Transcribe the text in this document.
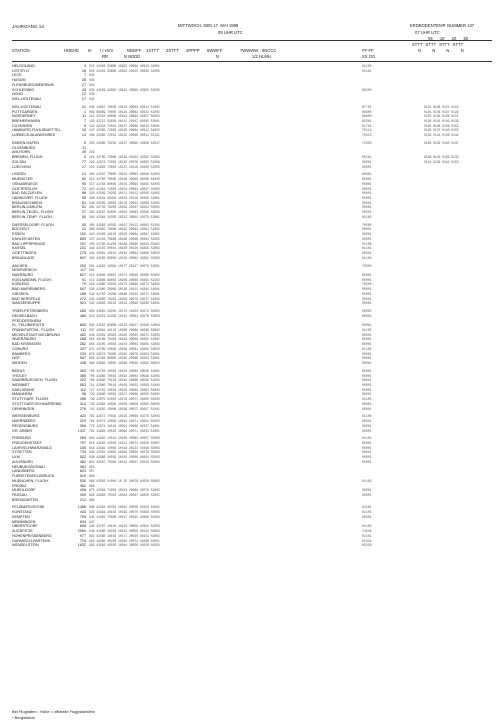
JAHRGANG 14	MITTWOCH, DEN 17. MAI 1989
09 UHR UTC
ERDBODENTEMP. NUMMER 137
07 UHR UTC
05 10 20 50
STATION	HOEHE III I I HVV	NDDFF 1STTT 2STTT 4PPPP 5WWFF	7WWWW 8NCCC	FF-FF
STTT STTT STTT STTT
N N N N
RR	N NDDD	N	1/2 HLMH	XX GG
HELGOLAND	4 015 42403 33608 10932 20096 40310 31001	01100
LIST/SYLT	26 020 42101 33609 10952 20153 40309 31005	01101
LECK	7 022
HUSUM	28 026
FLENSBURG/MEIERWIK	27 033
SCHLESWIG	43 035 42559 42002 10922 20096 40303 52005	06200
HOHN	12 038
KIEL-HOLTENAU	17 045
KIEL-KOLTENAU	31 046 14667 70503 10123 20062 40314 51002	87/01	0123 0128 0121 0119
PUTTGARDEN	1 069 06969 70005 10125 20082 40334 51002	86600	0135 0136 0137 0129
NORDERNEY	11 113 42342 40006 10914 20083 40357 50003	86600	0135 0135 0136 0137
BREMERHAVEN	7 129 42712 63026 10131 20107 40305 53001	01501	0136 0141 0149 0139
CUXHAVEN	5 131 42342 72501 10127 20096 40313 53001	01702	0145 0148 0156 0155
HAMBURG-FUHLSBUETTEL	16 147 42565 72003 10125 20094 40312 54002	70113	0138 0137 0140 0153
LUEBECK-BLANKENSEE	14 156 43300 72031 10132 20099 40311 55101	75023	0136 0141 0146 0142
EMDEN-HAFEN	5 203 43300 70234 10137 20095 40306 53017	71003	0126 0129 0140 0137
OLDENBURG	11
AHLHORN	49 216
BREMEN, FLUGH.	5 224 42705 72006 10139 20103 40292 52003	05101	0136 0142 0139 0133
SOLTAU	77 229 42673 72002 10140 20076 40302 52006	00001	0144 0139 0142 0153
LUECHOW	17 253 41963 73002 10137 20116 40290 53003	00001
LINGEN	21 305 42597 70605 10153 20093 40296 51003	00001
MUENSTER	62 312 42700 70505 10166 20099 40286 54003	00001
OSNABRUECK	95 317 41764 80505 10154 20094 40295 54003	00001
GUETERSLOH	72 320 41401 72004 10153 20093 40297 55003	00001
BAD SALZUFLEN	98 325 42509 70203 10171 20113 40290 54002	00001
HANNOVER, FLUGH.	55 338 42541 80403 10150 20116 40299 53001	00001
BRAUNSCHWEIG	81 348 43509 10602 10179 20094 40296 53002	00001
BERLIN-DAHLEM	51 381 42702 70203 10163 20107 40294 55002	00001
BERLIN-TEGEL, FLUGH.	37 382 43587 59003 10202 20093 40290 52003	00001
BERLIN-TEMP., FLUGH.	50 384 42364 10303 10213 20092 40279 52001	01103
DUESSELDORF, FLUGH.	45 400 41963 10303 10197 20113 40283 52102	70500
BOCHOLT	21 406 42962 70606 10192 20092 40292 52002	00001
ESSEN	152 410 43406 10102 10193 20094 40287 52001	00001
KAHLER ASTEN	839 427 42103 70609 10166 20098 40304 52002	00001
BAD LIPPSPRINGE	157 430 42760 81203 10180 20095 40283 55002	01105
KASSEL	231 449 42103 80014 10150 20130 40295 53002	01101
GOETTINGEN	175 444 42661 10102 10163 20094 40286 53003	00001
BRAUNLAGE	607 452 43205 89000 10158 20082 40292 55003	01104
AACHEN	202 501 41962 10304 10177 20127 40279 53001	70500
NOERVENICH	117 502
NUERBURG	627 510 42840 40007 10172 20049 40286 50002	00001
KOELN/BONN, FLUGH.	91 513 43966 89002 10209 20088 40281 52102	00001
KOBLENZ	70 516 41960 10202 10173 20089 40272 54002	70500
BAD MARIENBERG	547 526 42400 20909 10136 20132 40284 54001	00001
GIESSEN	186 532 42702 10206 10166 20103 40271 52001	00001
BAD HERSFELD	272 542 43960 70202 10204 20079 40277 54002	00001
WASSERKUPPE	921 544 43962 10102 10113 20096 40289 53001	00001
TRIER-PETRISBERG	265 609 42963 20204 10175 20103 40272 50002	00001
DEUSELBACH	480 613 42979 24403 10164 20084 40276 53003	00001
PFEDDERSHEIM
KL. FELDBERG/TS.	805 635 41967 80608 10133 20027 40196 52004	00001
FRANKFURT/M., FLUGH.	111 637 43601 10122 10206 20086 40266 56002	01105
MICHELSTADT/VIELBRUNN	452 648 42591 10304 10182 20033 40271 53003	00001
WUERZBURG	268 655 43109 70404 10193 20066 40262 52002	00001
BAD KISSINGEN	282 658 43105 10003 10210 20083 40265 53002	00001
COBURG	337 671 42705 10003 10209 20061 40262 53003	01105
BAMBERG	239 675 43973 70405 10222 20079 40263 54001	00001
HOF	567 685 42462 80605 10185 20086 40283 53001	00001
WEIDEN	438 688 43963 10002 10196 20046 40282 56004	00001
BERUS	363 708 42702 10504 10150 20086 40596 51001	00001
THOLEY	386 708 42960 70504 10163 20084 40596 51003	00001
SAARBRUECKEN, FLUGH.	322 708 42960 70103 10164 20086 40596 51002	00001
WEINBIET	553 714 42960 70103 10164 20033 40299 51004	00001
KARLSRUHE	112 727 42702 10504 10150 20088 40261 54003	00001
MANNHEIM	96 729 42960 10002 10217 20066 40260 54002	00001
STUTTGART, FLUGH.	396 738 42675 52003 10176 20071 40260 55003	01105
STUTTGART/SCHNARRENB.	314 739 42962 10003 10209 20058 40265 56003	00001
OEHRINGEN	276 742 42920 10006 10199 20072 40267 51001	00001
WEISSENBURG	422 761 42672 70334 10193 20066 40279 54003	01100
NUERNBERG	319 763 42972 10004 10192 20071 40261 55002	00001
REGENSBURG	366 776 42671 10102 10201 20060 40257 51001	00001
GR. ARBER	1437 791 41963 40552 10092 20071 40233 51001	00001
FREIBURG	269 803 42663 10524 10186 20083 40267 55003	01104
FREUDENSTADT	797 815 42562 43502 10211 20071 40330 55007	00001
LAHR/SCHWARZWALD	155 818 42962 10002 10194 20124 40266 55003	00001
STOETTEN	734 836 42501 10002 10204 20050 40276 55003	00001
ULM	522 838 42966 10502 10184 20069 40264 55003	00001
AUGSBURG	462 852 42567 70404 10213 20047 40249 55003	00001
NEUBURG/DONAU	381 853
LANDSBERG	623 857
FUERSTENFELDBRUCK	519 858
MUENCHEN, FLUGH.	530 866 42963 41004 10 32 20078 40258 56002	01102
ERDING	462 869
MUEHLDORF	406 875 42962 71003 10213 20088 40272 52003	00001
PASSAU	409 893 42962 70303 10184 20047 40256 52002	00001
BREMGARTEN	212 908
FELDBERG/SCHW.	1486 908 42303 40304 10042 20050 40103 55002	04101
KONSTANZ	443 929 42962 10102 10196 20075 40269 55003	01105
KEMPTEN	705 945 41962 70000 10197 20045 40266 55003	00001
MEMMINGEN	634 947
OBERSTDORF	806 944 42707 10102 10213 20056 40302 52003	01100
ZUGSPITZE	2960 946 41960 10223 10223 20058 40142 55603	74546
HOHENPEISSENBERG	977 962 42560 10102 10171 20030 40154 56002	01101
GARMISCH-PARTENK.	719 963 42560 40203 10195 20072 40268 50001	02344
WENDELSTEIN	1832 993 43962 40550 10044 20050 40220 50502	05230
Bei Flughäfen : Höhe = offizielle Flugplatzhöhe
* Bergstation
